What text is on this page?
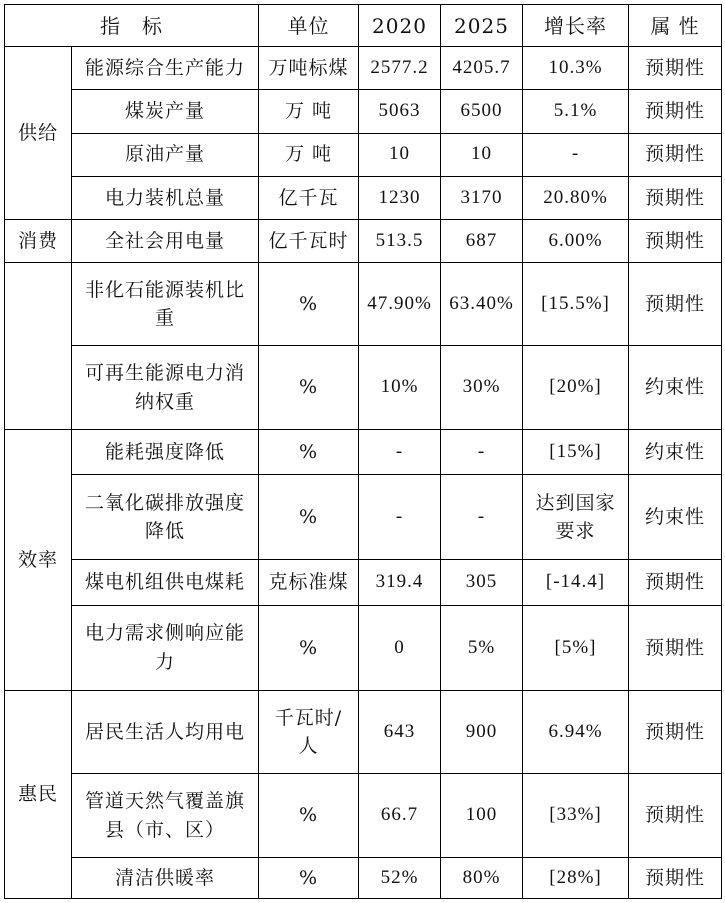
指　标		单位	2020	2025	增长率	属 性
供给	能源综合生产能力	万吨标煤	2577.2	4205.7	10.3%	预期性
	煤炭产量	万 吨	5063	6500	5.1%	预期性
	原油产量	万 吨	10	10	-	预期性
	电力装机总量	亿千瓦	1230	3170	20.80%	预期性
消费	全社会用电量	亿千瓦时	513.5	687	6.00%	预期性
	非化石能源装机比重	%	47.90%	63.40%	[15.5%]	预期性
	可再生能源电力消纳权重	%	10%	30%	[20%]	约束性
效率	能耗强度降低	%	-	-	[15%]	约束性
	二氧化碳排放强度降低	%	-	-	达到国家要求	约束性
	煤电机组供电煤耗	克标准煤	319.4	305	[-14.4]	预期性
	电力需求侧响应能力	%	0	5%	[5%]	预期性
惠民	居民生活人均用电	千瓦时/人	643	900	6.94%	预期性
	管道天然气覆盖旗县（市、区）	%	66.7	100	[33%]	预期性
	清洁供暖率	%	52%	80%	[28%]	预期性
